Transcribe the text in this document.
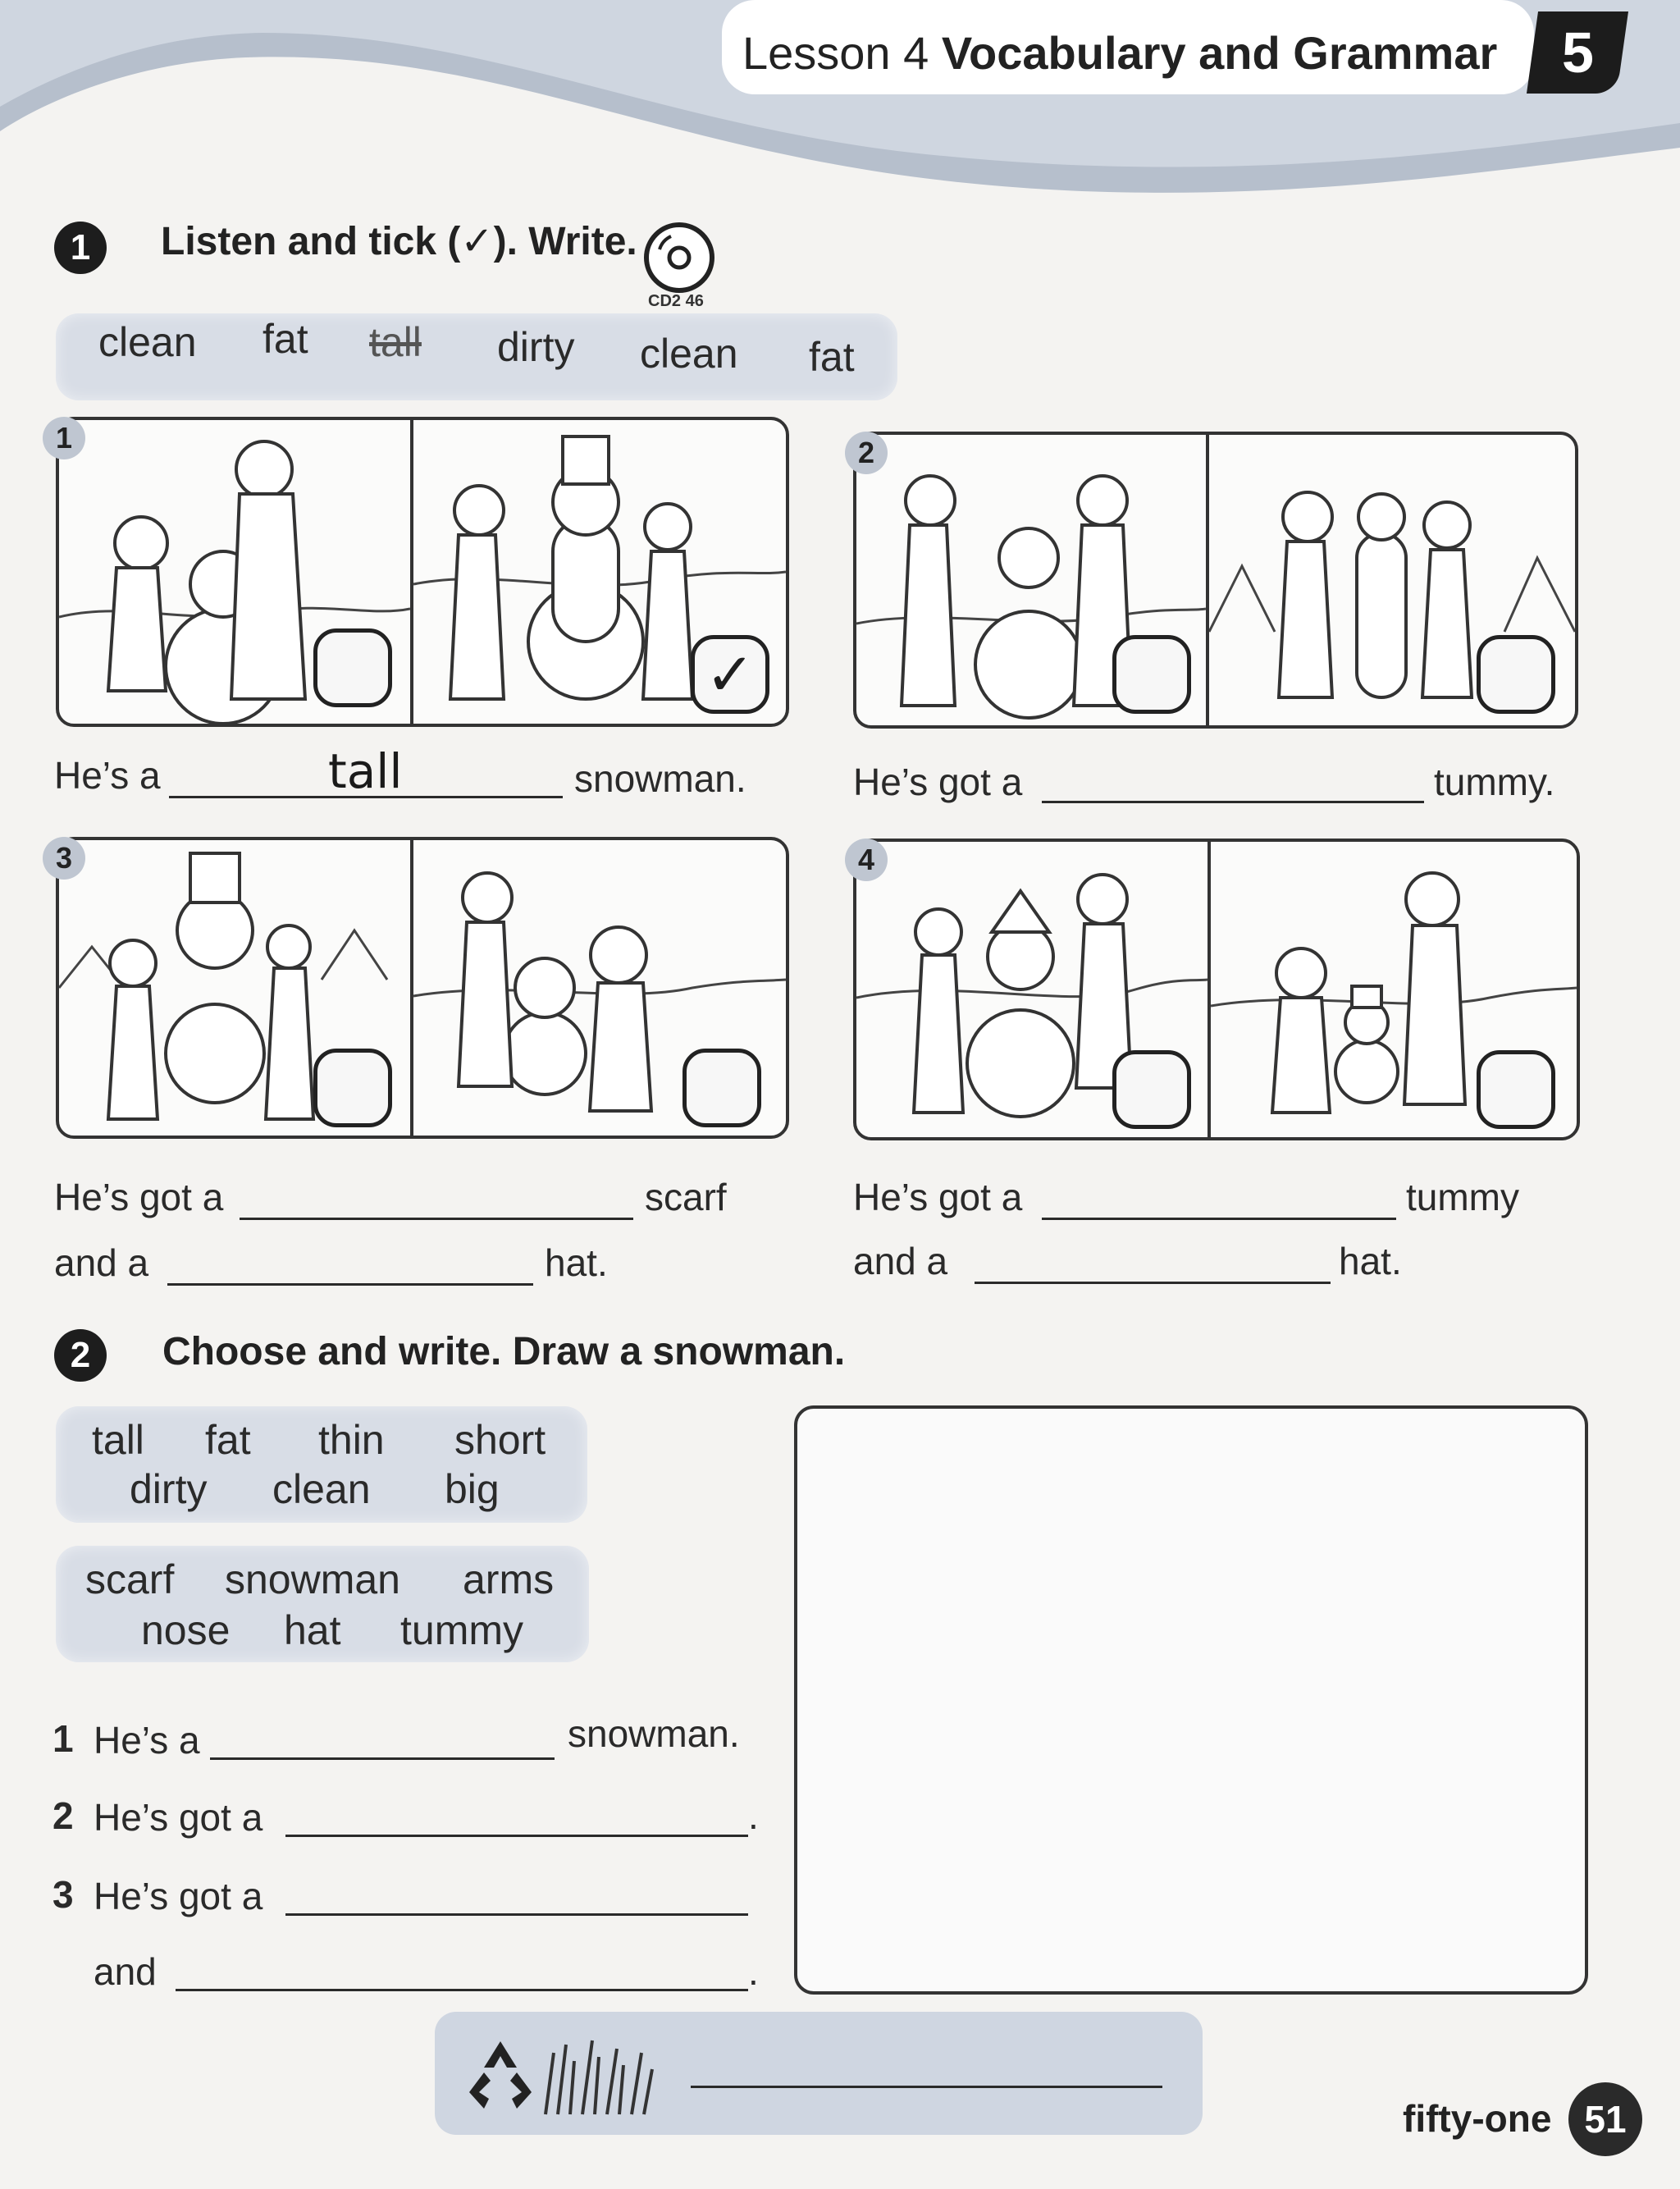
Lesson 4 Vocabulary and Grammar 5
1 Listen and tick (✓). Write.
CD2 46
clean fat tall dirty clean fat
✓
1	2
He’s a	tall	snowman.	He’s got a	tummy.
3	4
He’s got a	scarf
and a	hat.
He’s got a	tummy
and a	hat.
2 Choose and write. Draw a snowman.
tall fat thin short
dirty clean big
scarf snowman arms
nose hat tummy
1 He’s a	snowman.
2 He’s got a	.
3 He’s got a
and	.
fifty-one 51
